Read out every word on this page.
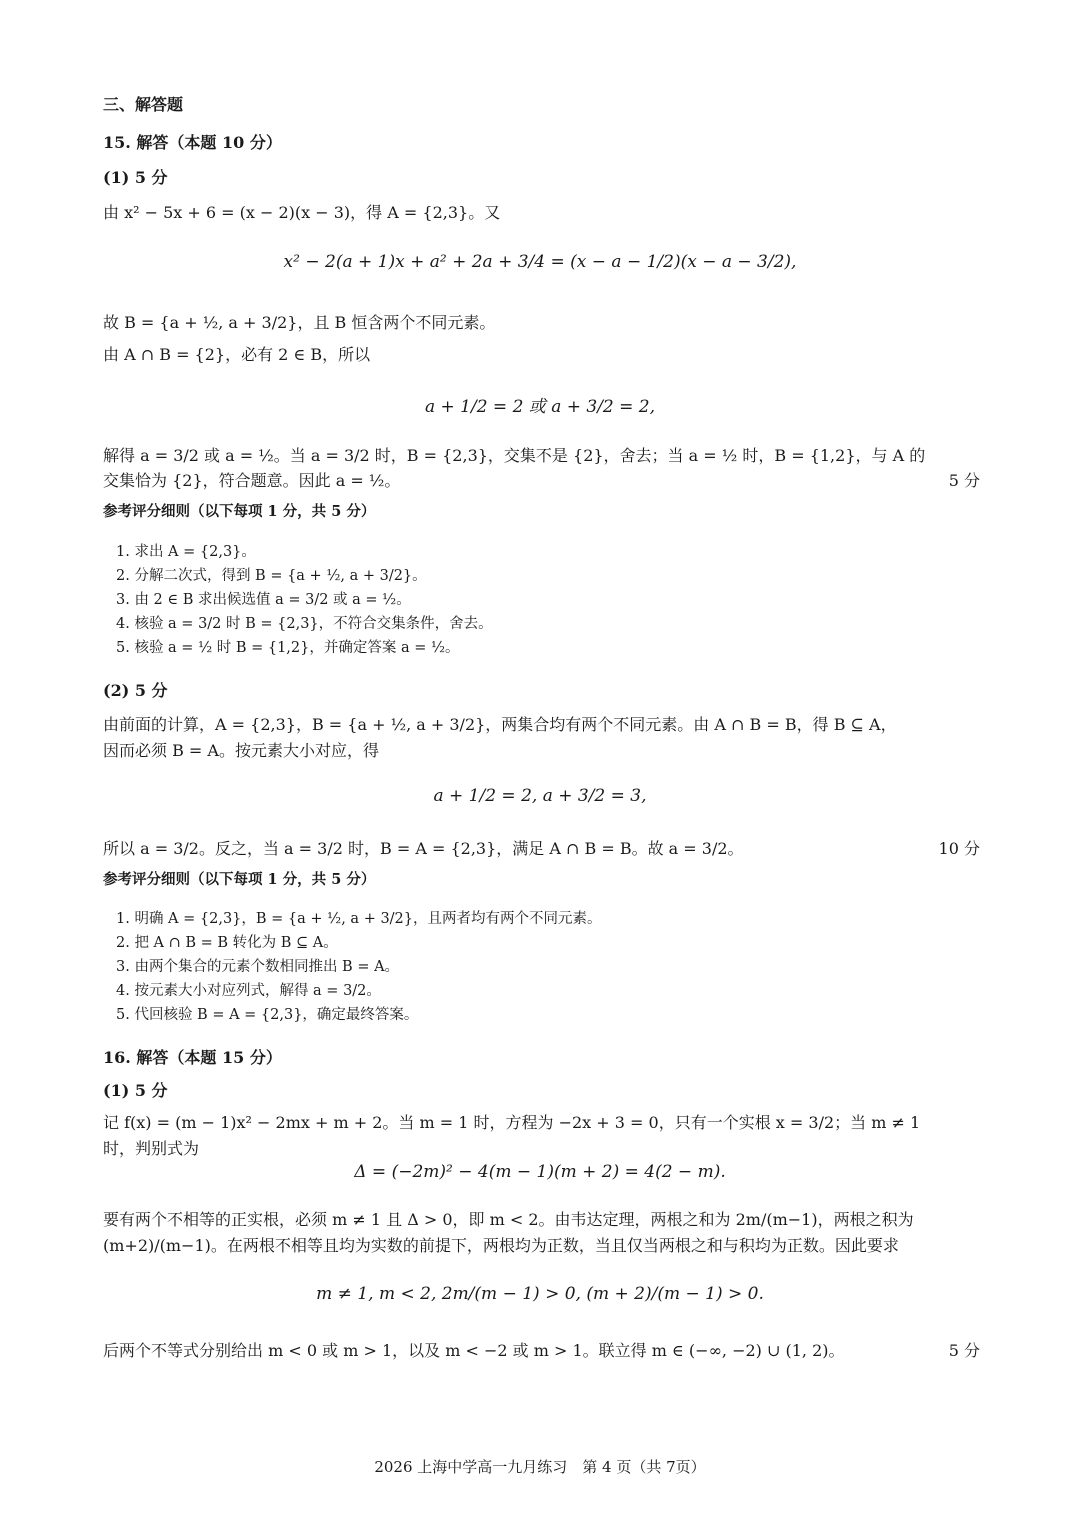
三、解答题
15. 解答（本题 10 分）
(1) 5 分
由 x² − 5x + 6 = (x − 2)(x − 3)，得 A = {2,3}。又
x² − 2(a + 1)x + a² + 2a + 3/4 = (x − a − 1/2)(x − a − 3/2),
故 B = {a + ½, a + 3/2}，且 B 恒含两个不同元素。
由 A ∩ B = {2}，必有 2 ∈ B，所以
a + 1/2 = 2 或 a + 3/2 = 2,
解得 a = 3/2 或 a = ½。当 a = 3/2 时，B = {2,3}，交集不是 {2}，舍去；当 a = ½ 时，B = {1,2}，与 A 的
交集恰为 {2}，符合题意。因此 a = ½。	5 分
参考评分细则（以下每项 1 分，共 5 分）
1. 求出 A = {2,3}。
2. 分解二次式，得到 B = {a + ½, a + 3/2}。
3. 由 2 ∈ B 求出候选值 a = 3/2 或 a = ½。
4. 核验 a = 3/2 时 B = {2,3}，不符合交集条件，舍去。
5. 核验 a = ½ 时 B = {1,2}，并确定答案 a = ½。
(2) 5 分
由前面的计算，A = {2,3}，B = {a + ½, a + 3/2}，两集合均有两个不同元素。由 A ∩ B = B，得 B ⊆ A，
因而必须 B = A。按元素大小对应，得
a + 1/2 = 2, a + 3/2 = 3,
所以 a = 3/2。反之，当 a = 3/2 时，B = A = {2,3}，满足 A ∩ B = B。故 a = 3/2。	10 分
参考评分细则（以下每项 1 分，共 5 分）
1. 明确 A = {2,3}，B = {a + ½, a + 3/2}，且两者均有两个不同元素。
2. 把 A ∩ B = B 转化为 B ⊆ A。
3. 由两个集合的元素个数相同推出 B = A。
4. 按元素大小对应列式，解得 a = 3/2。
5. 代回核验 B = A = {2,3}，确定最终答案。
16. 解答（本题 15 分）
(1) 5 分
记 f(x) = (m − 1)x² − 2mx + m + 2。当 m = 1 时，方程为 −2x + 3 = 0，只有一个实根 x = 3/2；当 m ≠ 1
时，判别式为
Δ = (−2m)² − 4(m − 1)(m + 2) = 4(2 − m).
要有两个不相等的正实根，必须 m ≠ 1 且 Δ > 0，即 m < 2。由韦达定理，两根之和为 2m/(m−1)，两根之积为
(m+2)/(m−1)。在两根不相等且均为实数的前提下，两根均为正数，当且仅当两根之和与积均为正数。因此要求
m ≠ 1, m < 2, 2m/(m − 1) > 0, (m + 2)/(m − 1) > 0.
后两个不等式分别给出 m < 0 或 m > 1，以及 m < −2 或 m > 1。联立得 m ∈ (−∞, −2) ∪ (1, 2)。	5 分
2026 上海中学高一九月练习　第 4 页（共 7页）
